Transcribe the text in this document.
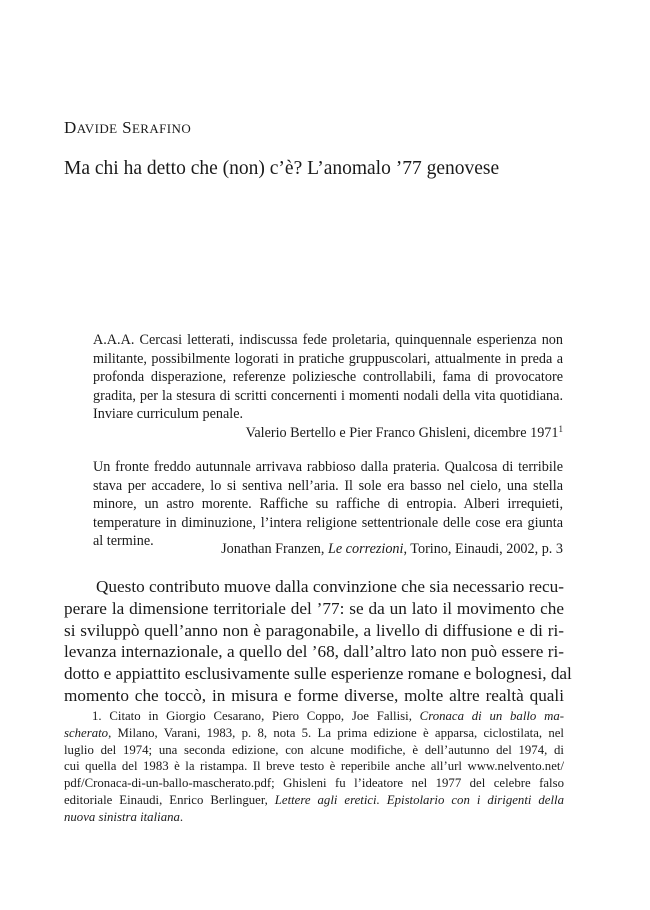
DAVIDE SERAFINO
Ma chi ha detto che (non) c’è? L’anomalo ’77 genovese

A.A.A. Cercasi letterati, indiscussa fede proletaria, quinquennale esperienza non militante, possibilmente logorati in pratiche gruppuscolari, attualmente in preda a profonda disperazione, referenze poliziesche controllabili, fama di provocatore gradita, per la stesura di scritti concernenti i momenti nodali della vita quotidiana. Inviare curriculum penale.

Valerio Bertello e Pier Franco Ghisleni, dicembre 1971$^1$

Un fronte freddo autunnale arrivava rabbioso dalla prateria. Qualcosa di terribile stava per accadere, lo si sentiva nell’aria. Il sole era basso nel cielo, una stella minore, un astro morente. Raffiche su raffiche di entropia. Alberi irrequieti, temperature in diminuzione, l’intera religione settentrionale delle cose era giunta al termine.	Jonathan Franzen, Le correzioni, Torino, Einaudi, 2002, p. 3
Questo contributo muove dalla convinzione che sia necessario recu-
perare la dimensione territoriale del ’77: se da un lato il movimento che
si sviluppò quell’anno non è paragonabile, a livello di diffusione e di ri-
levanza internazionale, a quello del ’68, dall’altro lato non può essere ri-
dotto e appiattito esclusivamente sulle esperienze romane e bolognesi, dal
momento che toccò, in misura e forme diverse, molte altre realtà quali
1. Citato in Giorgio Cesarano, Piero Coppo, Joe Fallisi, Cronaca di un ballo ma-
scherato, Milano, Varani, 1983, p. 8, nota 5. La prima edizione è apparsa, ciclostilata, nel
luglio del 1974; una seconda edizione, con alcune modifiche, è dell’autunno del 1974, di
cui quella del 1983 è la ristampa. Il breve testo è reperibile anche all’url www.nelvento.net/
pdf/Cronaca-di-un-ballo-mascherato.pdf; Ghisleni fu l’ideatore nel 1977 del celebre falso
editoriale Einaudi, Enrico Berlinguer, Lettere agli eretici. Epistolario con i dirigenti della
nuova sinistra italiana.
